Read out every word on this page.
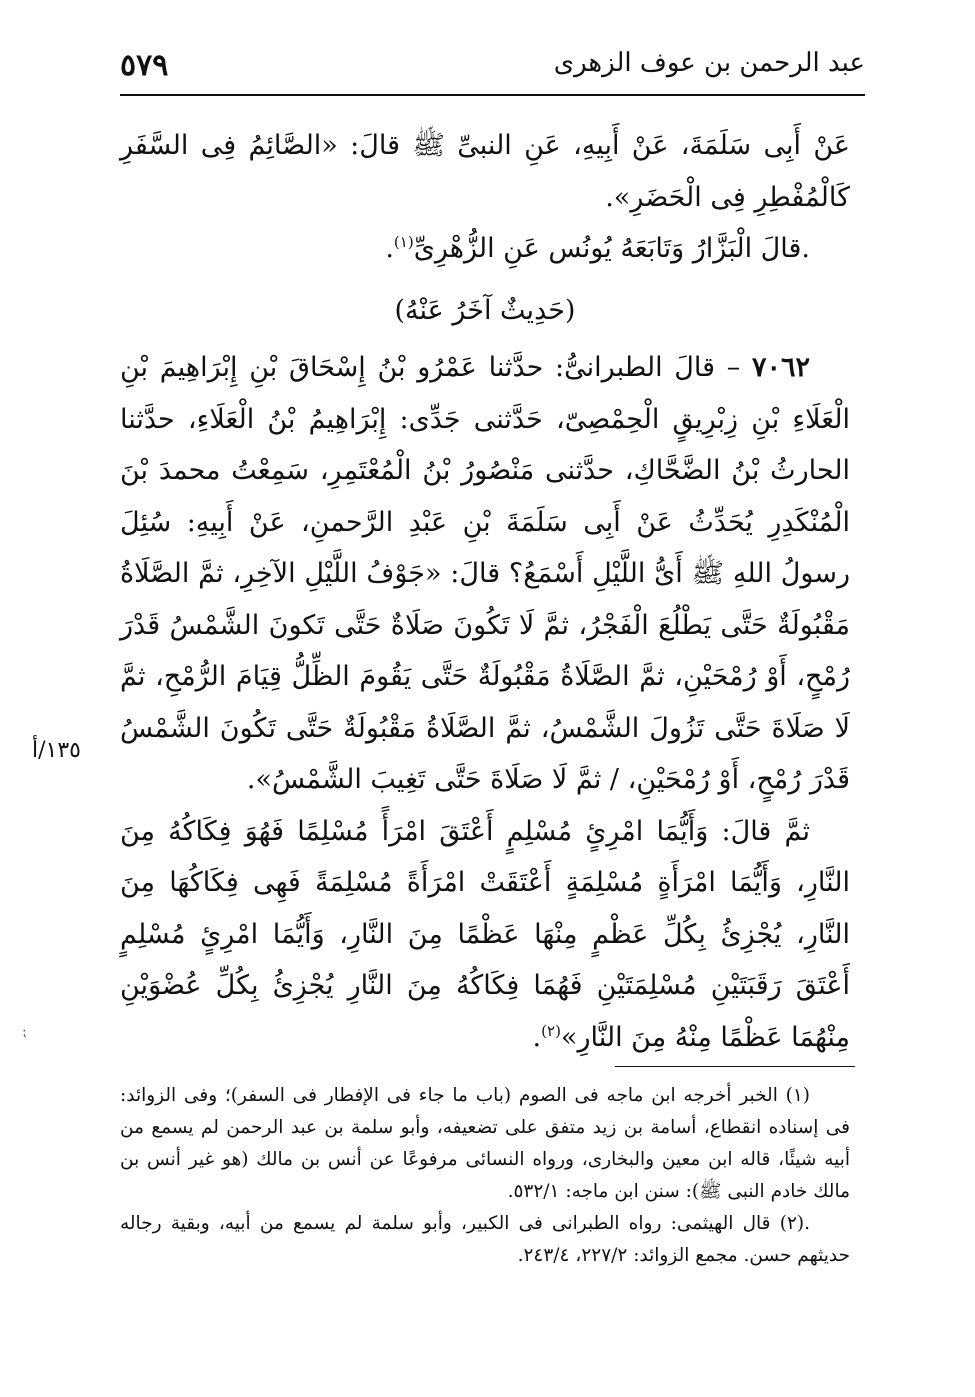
عبد الرحمن بن عوف الزهرى
٥٧٩

عَنْ أَبِى سَلَمَةَ، عَنْ أَبِيهِ، عَنِ النبىِّ ﷺ قالَ: «الصَّائِمُ فِى السَّفَرِ كَالْمُفْطِرِ فِى الْحَضَرِ».

.قالَ الْبَزَّارُ وَتَابَعَهُ يُونُس عَنِ الزُّهْرِىِّ$^{(١)}$.

(حَدِيثٌ آخَرُ عَنْهُ)

٧٠٦٢ – قالَ الطبرانىُّ: حدَّثنا عَمْرُو بْنُ إِسْحَاقَ بْنِ إِبْرَاهِيمَ بْنِ الْعَلَاءِ بْنِ زِبْرِيقٍ الْحِمْصِىّ، حَدَّثنى جَدِّى: إِبْرَاهِيمُ بْنُ الْعَلَاءِ، حدَّثنا الحارثُ بْنُ الضَّحَّاكِ، حدَّثنى مَنْصُورُ بْنُ الْمُعْتَمِرِ، سَمِعْتُ محمدَ بْنَ الْمُنْكَدِرِ يُحَدِّثُ عَنْ أَبِى سَلَمَةَ بْنِ عَبْدِ الرَّحمنِ، عَنْ أَبِيهِ: سُئِلَ رسولُ اللهِ ﷺ أَىُّ اللَّيْلِ أَسْمَعُ؟ قالَ: «جَوْفُ اللَّيْلِ الآخِرِ، ثمَّ الصَّلَاةُ مَقْبُولَةٌ حَتَّى يَطْلُعَ الْفَجْرُ، ثمَّ لَا تَكُونَ صَلَاةٌ حَتَّى تَكونَ الشَّمْسُ قَدْرَ رُمْحٍ، أَوْ رُمْحَيْنِ، ثمَّ الصَّلَاةُ مَقْبُولَةٌ حَتَّى يَقُومَ الظِّلُّ قِيَامَ الرُّمْحِ، ثمَّ لَا صَلَاةَ حَتَّى تَزُولَ الشَّمْسُ، ثمَّ الصَّلَاةُ مَقْبُولَةٌ حَتَّى تَكُونَ الشَّمْسُ قَدْرَ رُمْحٍ، أَوْ رُمْحَيْنِ، / ثمَّ لَا صَلَاةَ حَتَّى تَغِيبَ الشَّمْسُ».

ثمَّ قالَ: وَأَيُّمَا امْرِئٍ مُسْلِمٍ أَعْتَقَ امْرَأً مُسْلِمًا فَهُوَ فِكَاكُهُ مِنَ النَّارِ، وَأَيُّمَا امْرَأَةٍ مُسْلِمَةٍ أَعْتَقَتْ امْرَأَةً مُسْلِمَةً فَهِى فِكَاكُهَا مِنَ النَّارِ، يُجْزِئُ بِكُلِّ عَظْمٍ مِنْهَا عَظْمًا مِنَ النَّارِ، وَأَيُّمَا امْرِئٍ مُسْلِمٍ أَعْتَقَ رَقَبَتَيْنِ مُسْلِمَتَيْنِ فَهُمَا فِكَاكُهُ مِنَ النَّارِ يُجْزِئُ بِكُلِّ عُضْوَيْنِ مِنْهُمَا عَظْمًا مِنْهُ مِنَ النَّارِ»$^{(٢)}$.

١٣٥/أ
⁏

(١) الخبر أخرجه ابن ماجه فى الصوم (باب ما جاء فى الإفطار فى السفر)؛ وفى الزوائد: فى إسناده انقطاع، أسامة بن زيد متفق على تضعيفه، وأبو سلمة بن عبد الرحمن لم يسمع من أبيه شيئًا، قاله ابن معين والبخارى، ورواه النسائى مرفوعًا عن أنس بن مالك (هو غير أنس بن مالك خادم النبى ﷺ): سنن ابن ماجه: ٥٣٢/١.

.(٢) قال الهيثمى: رواه الطبرانى فى الكبير، وأبو سلمة لم يسمع من أبيه، وبقية رجاله حديثهم حسن. مجمع الزوائد: ٢٢٧/٢، ٢٤٣/٤.
